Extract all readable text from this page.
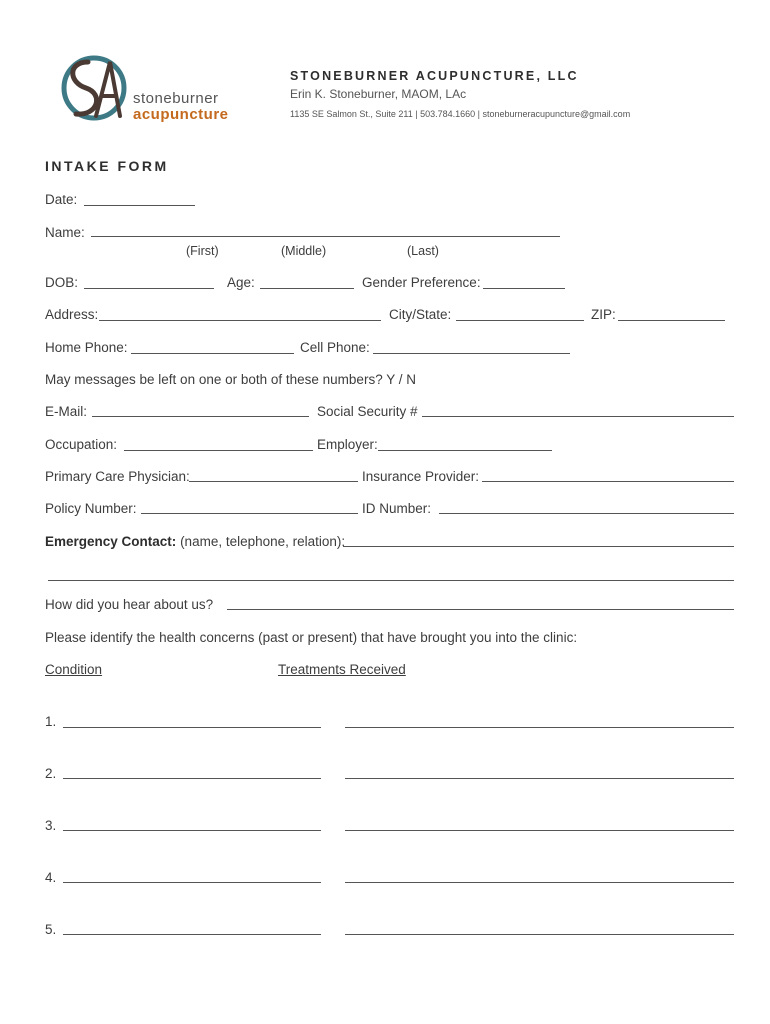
stoneburner
acupuncture
STONEBURNER ACUPUNCTURE, LLC
Erin K. Stoneburner, MAOM, LAc
1135 SE Salmon St., Suite 211 | 503.784.1660 | stoneburneracupuncture@gmail.com
INTAKE FORM
Date:
Name:
(First)	(Middle)	(Last)
DOB:	Age:	Gender Preference:
Address:	City/State:	ZIP:
Home Phone:	Cell Phone:
May messages be left on one or both of these numbers? Y / N
E-Mail:	Social Security #
Occupation:	Employer:
Primary Care Physician:	Insurance Provider:
Policy Number:	ID Number:
Emergency Contact: (name, telephone, relation):
How did you hear about us?
Please identify the health concerns (past or present) that have brought you into the clinic:
Condition	Treatments Received
1.
2.
3.
4.
5.
